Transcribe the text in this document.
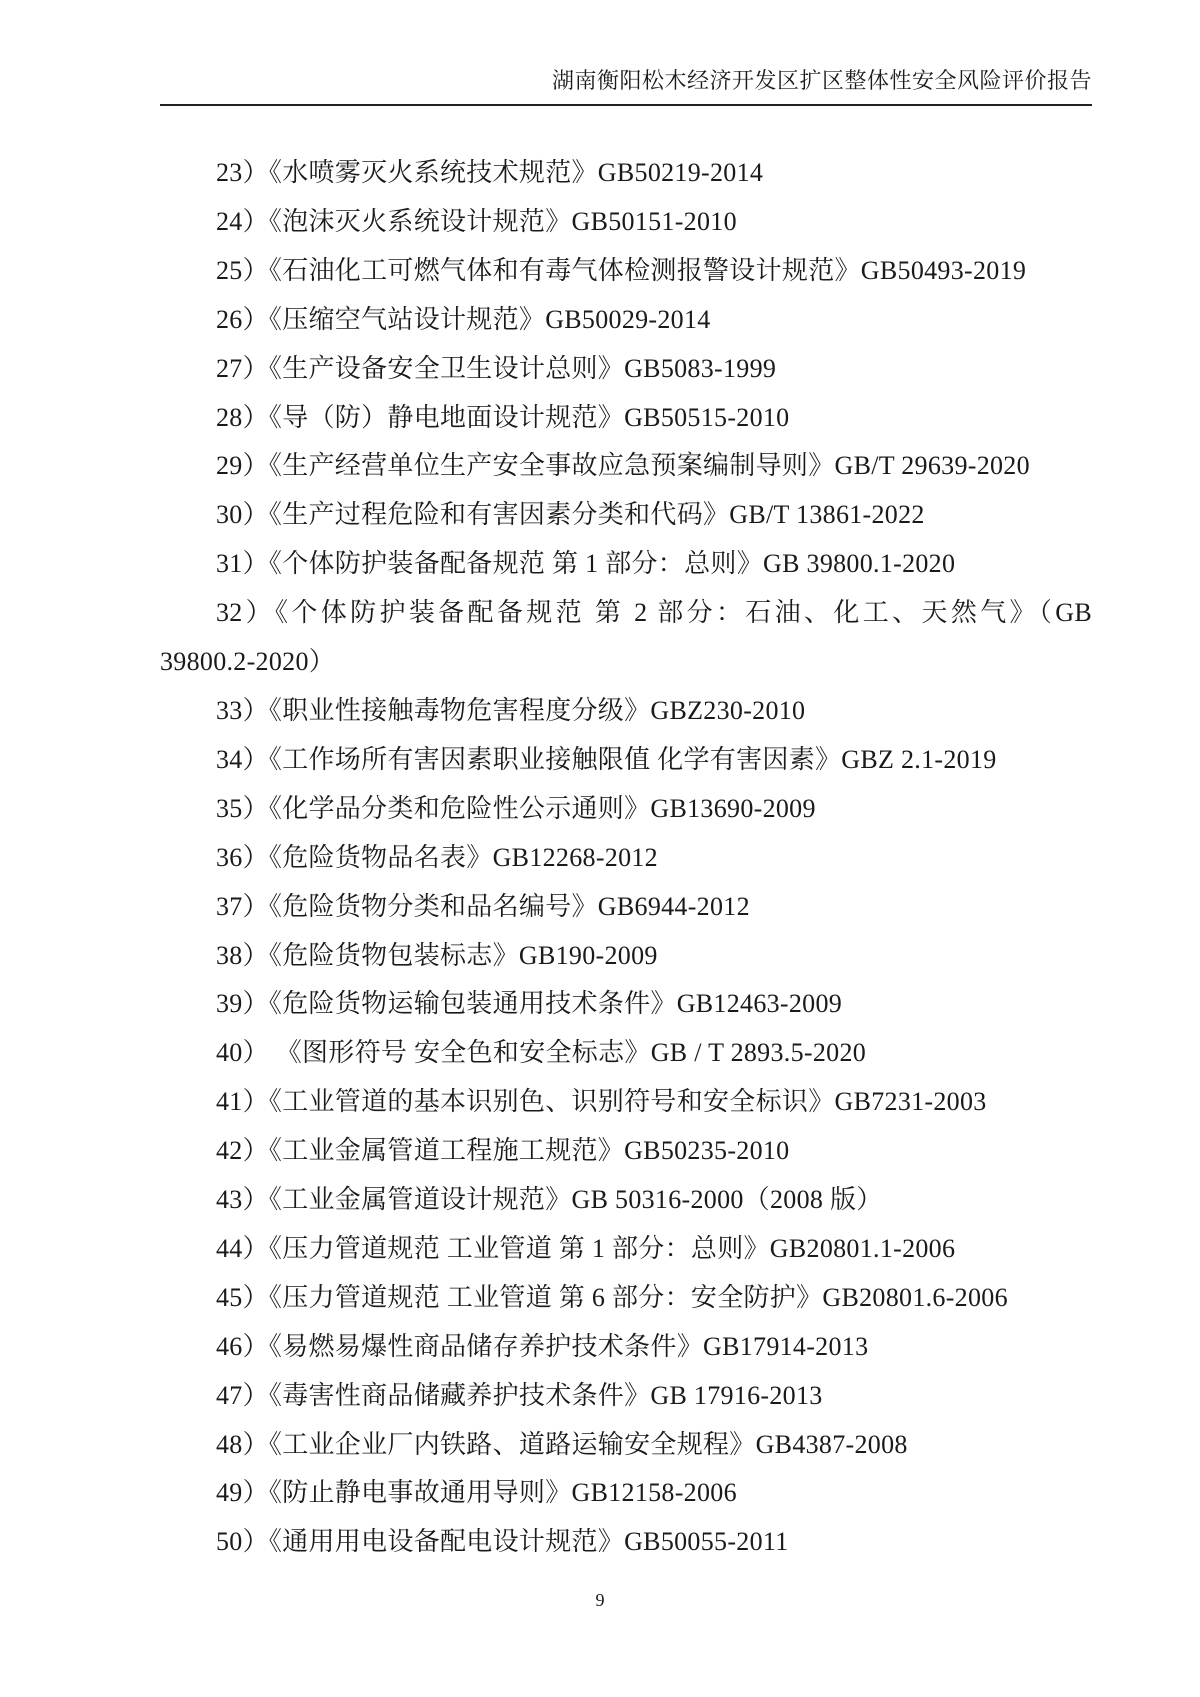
湖南衡阳松木经济开发区扩区整体性安全风险评价报告

23）《水喷雾灭火系统技术规范》GB50219-2014

24）《泡沫灭火系统设计规范》GB50151-2010

25）《石油化工可燃气体和有毒气体检测报警设计规范》GB50493-2019

26）《压缩空气站设计规范》GB50029-2014

27）《生产设备安全卫生设计总则》GB5083-1999

28）《导（防）静电地面设计规范》GB50515-2010

29）《生产经营单位生产安全事故应急预案编制导则》GB/T 29639-2020

30）《生产过程危险和有害因素分类和代码》GB/T 13861-2022

31）《个体防护装备配备规范 第 1 部分：总则》GB 39800.1-2020

32）《个体防护装备配备规范 第 2 部分：石油、化工、天然气》（GB 39800.2-2020）

33）《职业性接触毒物危害程度分级》GBZ230-2010

34）《工作场所有害因素职业接触限值 化学有害因素》GBZ 2.1-2019

35）《化学品分类和危险性公示通则》GB13690-2009

36）《危险货物品名表》GB12268-2012

37）《危险货物分类和品名编号》GB6944-2012

38）《危险货物包装标志》GB190-2009

39）《危险货物运输包装通用技术条件》GB12463-2009

40） 《图形符号 安全色和安全标志》GB / T 2893.5-2020

41）《工业管道的基本识别色、识别符号和安全标识》GB7231-2003

42）《工业金属管道工程施工规范》GB50235-2010

43）《工业金属管道设计规范》GB 50316-2000（2008 版）

44）《压力管道规范 工业管道 第 1 部分：总则》GB20801.1-2006

45）《压力管道规范 工业管道 第 6 部分：安全防护》GB20801.6-2006

46）《易燃易爆性商品储存养护技术条件》GB17914-2013

47）《毒害性商品储藏养护技术条件》GB 17916-2013

48）《工业企业厂内铁路、道路运输安全规程》GB4387-2008

49）《防止静电事故通用导则》GB12158-2006

50）《通用用电设备配电设计规范》GB50055-2011

9
